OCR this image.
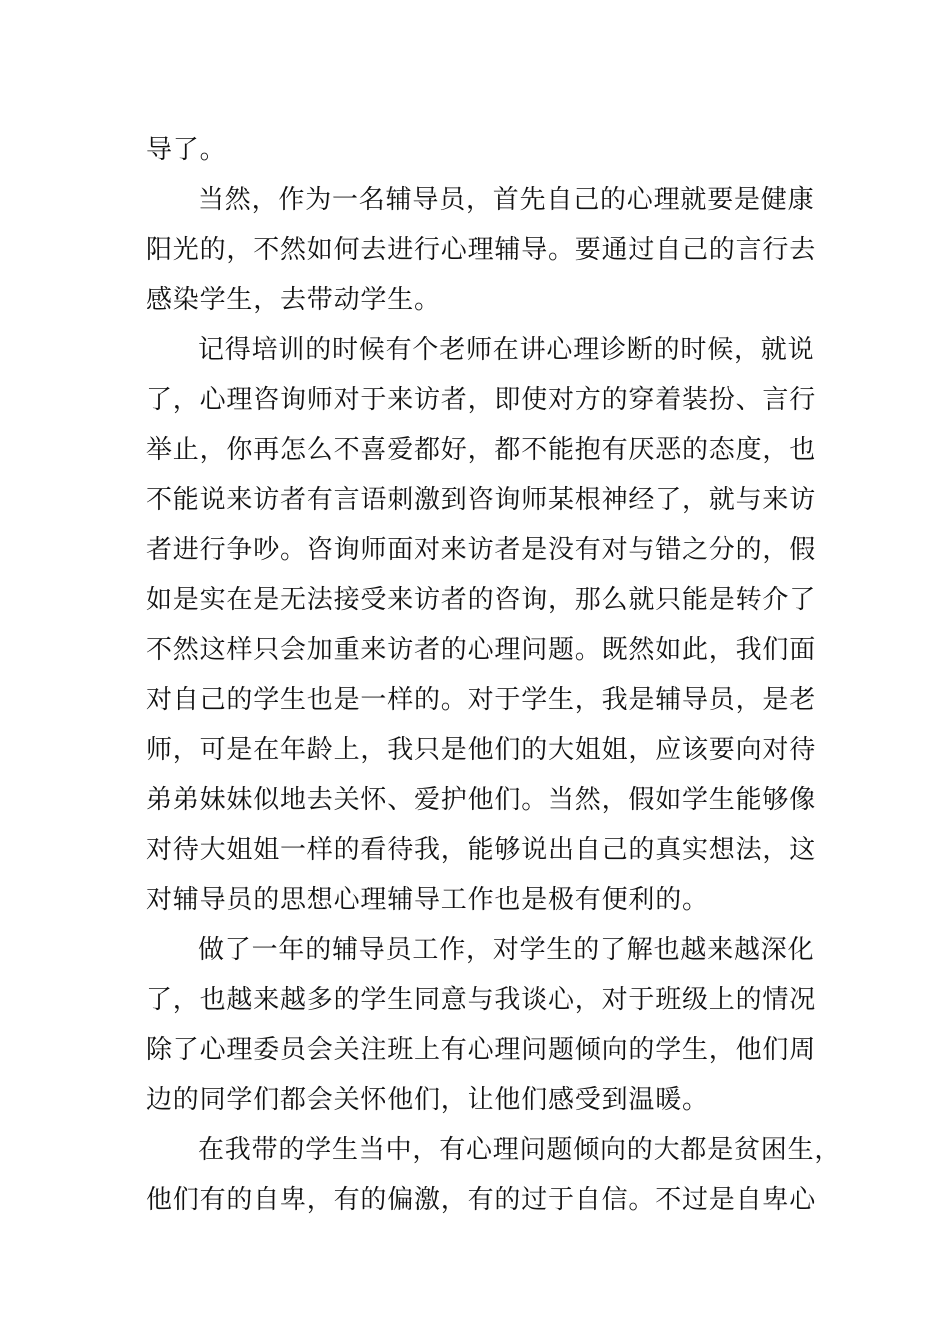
导了。
当然，作为一名辅导员，首先自己的心理就要是健康
阳光的，不然如何去进行心理辅导。要通过自己的言行去
感染学生，去带动学生。
记得培训的时候有个老师在讲心理诊断的时候，就说
了，心理咨询师对于来访者，即使对方的穿着装扮、言行
举止，你再怎么不喜爱都好，都不能抱有厌恶的态度，也
不能说来访者有言语刺激到咨询师某根神经了，就与来访
者进行争吵。咨询师面对来访者是没有对与错之分的，假
如是实在是无法接受来访者的咨询，那么就只能是转介了
不然这样只会加重来访者的心理问题。既然如此，我们面
对自己的学生也是一样的。对于学生，我是辅导员，是老
师，可是在年龄上，我只是他们的大姐姐，应该要向对待
弟弟妹妹似地去关怀、爱护他们。当然，假如学生能够像
对待大姐姐一样的看待我，能够说出自己的真实想法，这
对辅导员的思想心理辅导工作也是极有便利的。
做了一年的辅导员工作，对学生的了解也越来越深化
了，也越来越多的学生同意与我谈心，对于班级上的情况
除了心理委员会关注班上有心理问题倾向的学生，他们周
边的同学们都会关怀他们，让他们感受到温暖。
在我带的学生当中，有心理问题倾向的大都是贫困生，
他们有的自卑，有的偏激，有的过于自信。不过是自卑心
